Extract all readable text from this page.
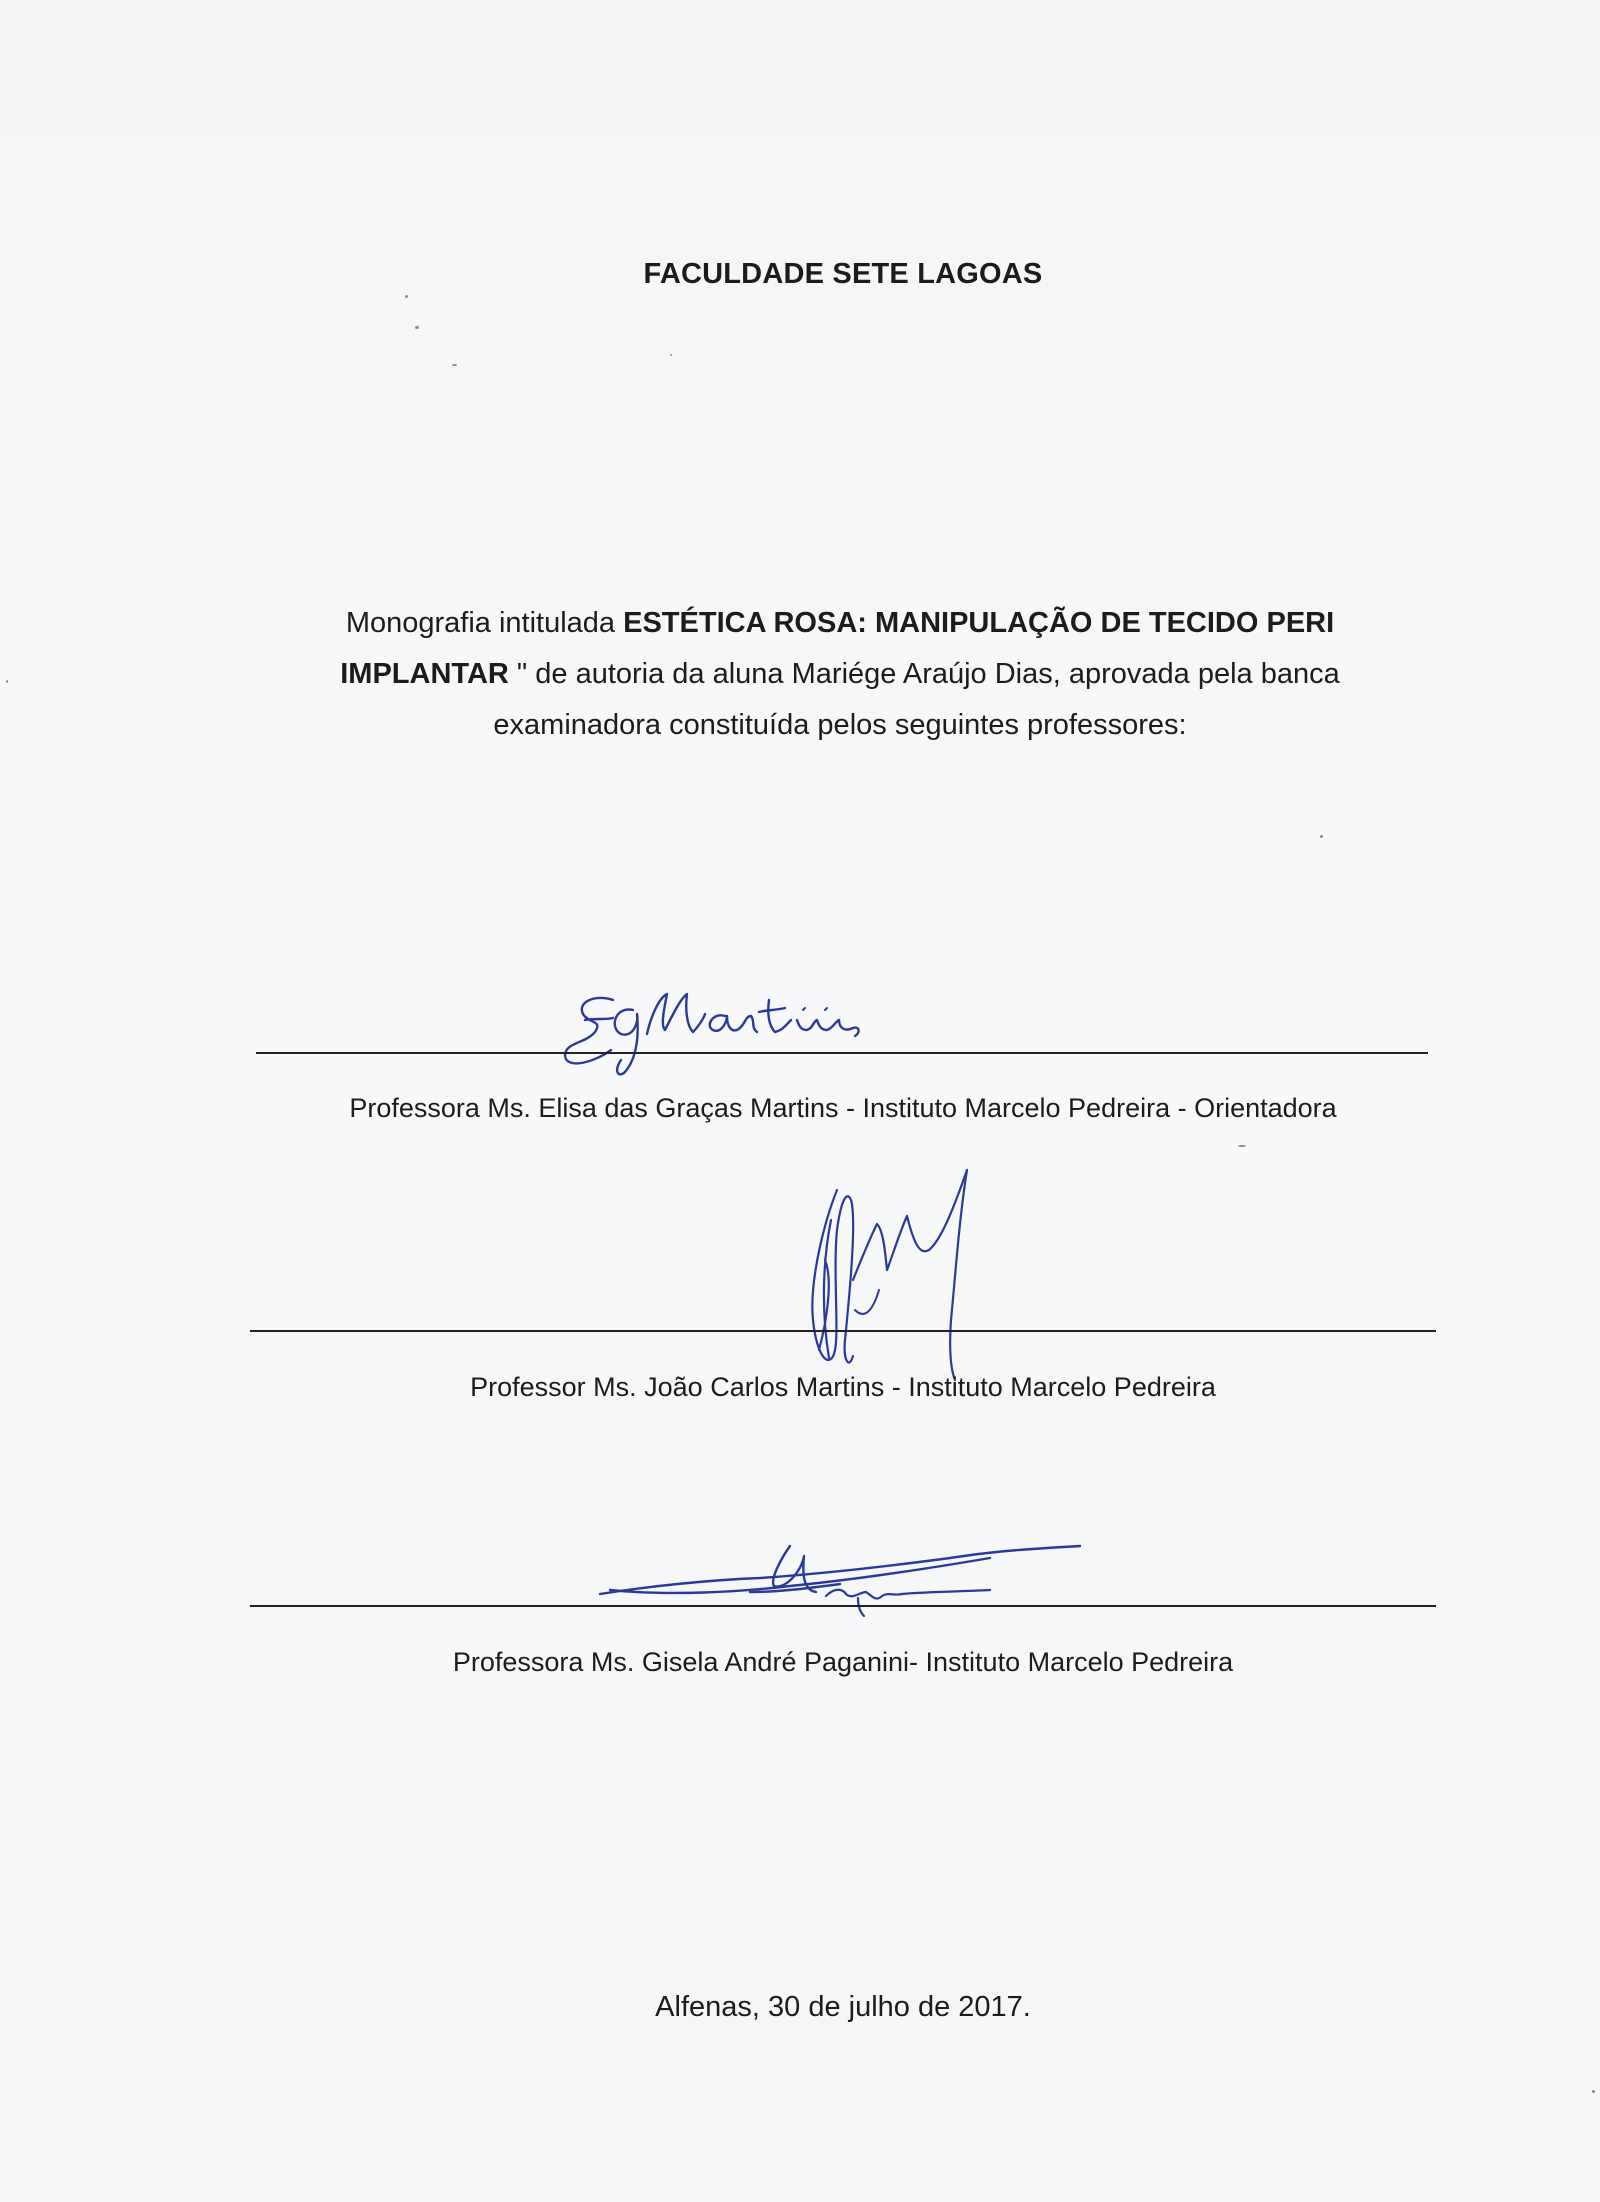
FACULDADE SETE LAGOAS
Monografia intitulada ESTÉTICA ROSA: MANIPULAÇÃO DE TECIDO PERI IMPLANTAR " de autoria da aluna Mariége Araújo Dias, aprovada pela banca examinadora constituída pelos seguintes professores:
Professora Ms. Elisa das Graças Martins - Instituto Marcelo Pedreira - Orientadora
Professor Ms. João Carlos Martins - Instituto Marcelo Pedreira
Professora Ms. Gisela André Paganini- Instituto Marcelo Pedreira
Alfenas, 30 de julho de 2017.
